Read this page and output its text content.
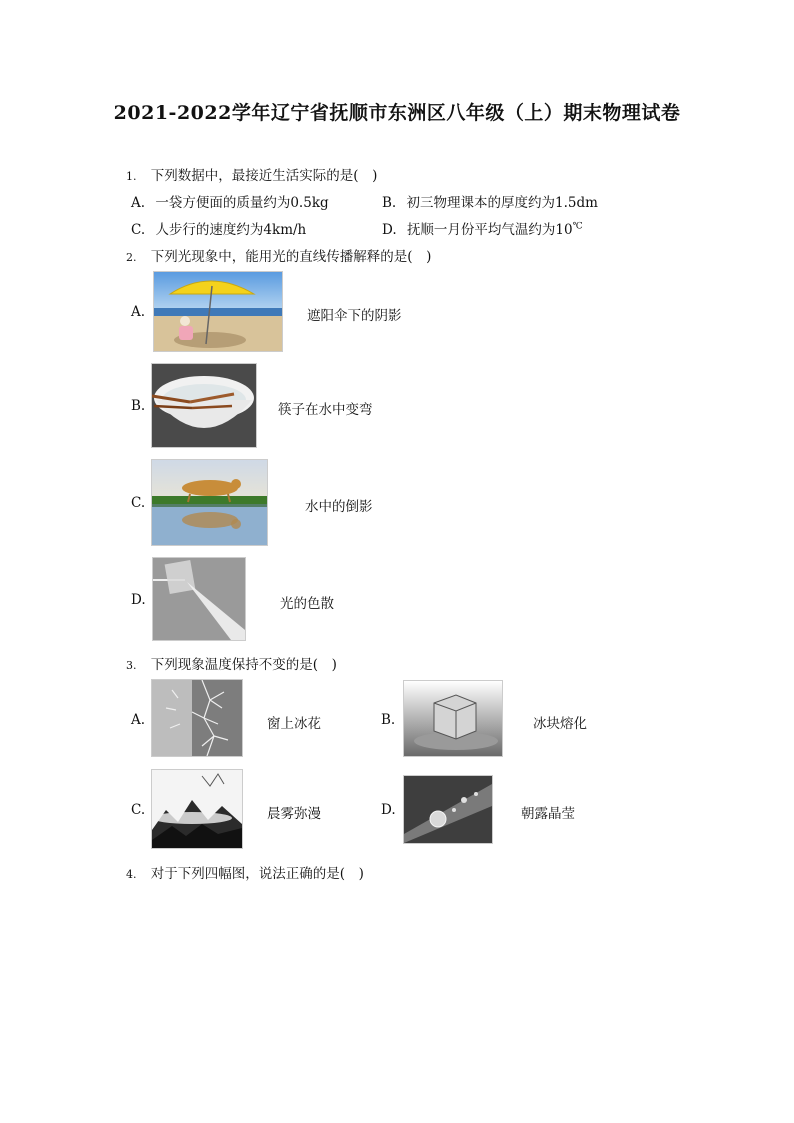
2021-2022学年辽宁省抚顺市东洲区八年级（上）期末物理试卷
1. 下列数据中，最接近生活实际的是(　)
A. 一袋方便面的质量约为0.5kg	B. 初三物理课本的厚度约为1.5dm
C. 人步行的速度约为4km/h	D. 抚顺一月份平均气温约为10℃
2. 下列光现象中，能用光的直线传播解释的是(　)
A.	遮阳伞下的阴影
B.	筷子在水中变弯
C.	水中的倒影
D.	光的色散
3. 下列现象温度保持不变的是(　)
A.	窗上冰花	B.	冰块熔化
C.	晨雾弥漫	D.	朝露晶莹
4. 对于下列四幅图，说法正确的是(　)
